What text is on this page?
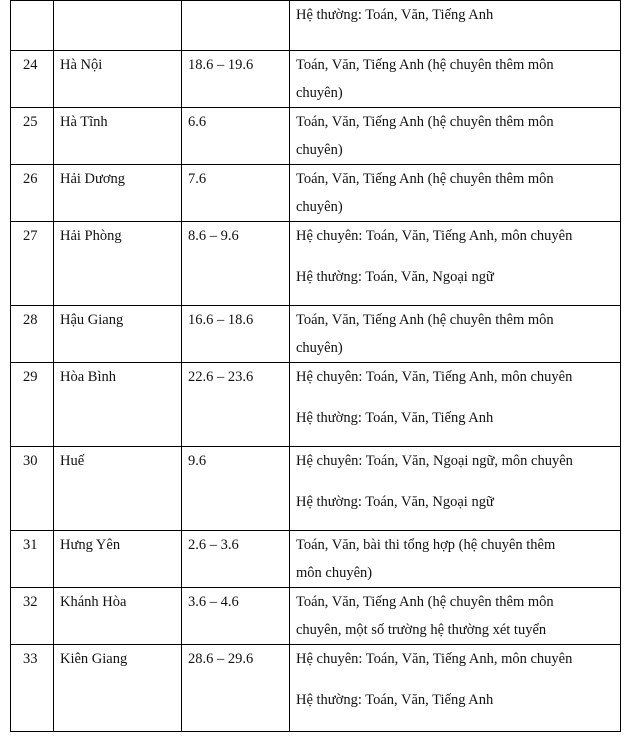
			Hệ thường: Toán, Văn, Tiếng Anh

24	Hà Nội	18.6 – 19.6	Toán, Văn, Tiếng Anh (hệ chuyên thêm môn
chuyên)

25	Hà Tĩnh	6.6	Toán, Văn, Tiếng Anh (hệ chuyên thêm môn
chuyên)

26	Hải Dương	7.6	Toán, Văn, Tiếng Anh (hệ chuyên thêm môn
chuyên)

27	Hải Phòng	8.6 – 9.6	Hệ chuyên: Toán, Văn, Tiếng Anh, môn chuyên
Hệ thường: Toán, Văn, Ngoại ngữ

28	Hậu Giang	16.6 – 18.6	Toán, Văn, Tiếng Anh (hệ chuyên thêm môn
chuyên)

29	Hòa Bình	22.6 – 23.6	Hệ chuyên: Toán, Văn, Tiếng Anh, môn chuyên
Hệ thường: Toán, Văn, Tiếng Anh

30	Huế	9.6	Hệ chuyên: Toán, Văn, Ngoại ngữ, môn chuyên
Hệ thường: Toán, Văn, Ngoại ngữ

31	Hưng Yên	2.6 – 3.6	Toán, Văn, bài thi tổng hợp (hệ chuyên thêm
môn chuyên)

32	Khánh Hòa	3.6 – 4.6	Toán, Văn, Tiếng Anh (hệ chuyên thêm môn
chuyên, một số trường hệ thường xét tuyển

33	Kiên Giang	28.6 – 29.6	Hệ chuyên: Toán, Văn, Tiếng Anh, môn chuyên
Hệ thường: Toán, Văn, Tiếng Anh
